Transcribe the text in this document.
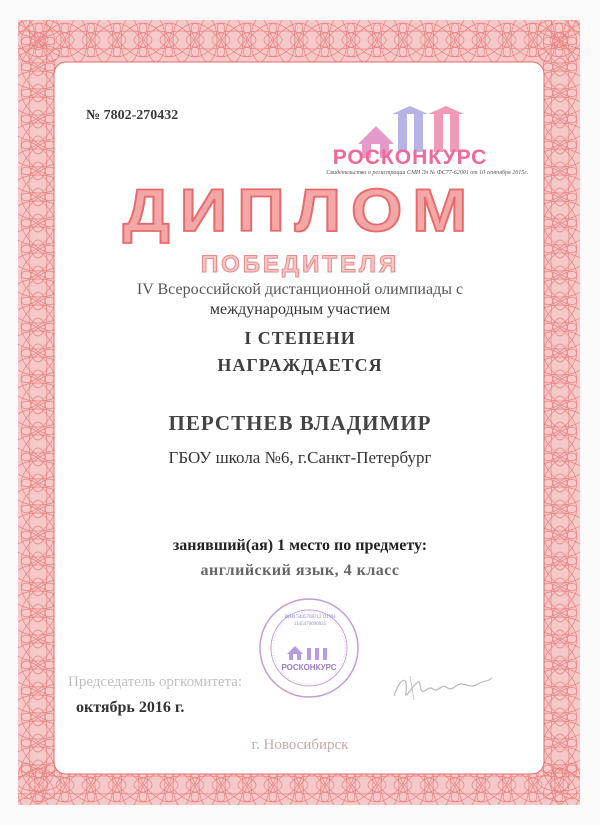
№ 7802-270432
РОСКОНКУРС
Свидетельство о регистрации СМИ Эл № ФС77-62001 от 10 сентября 2015г.
ДИПЛОМ
ПОБЕДИТЕЛЯ
IV Всероссийской дистанционной олимпиады с
международным участием
I СТЕПЕНИ
НАГРАЖДАЕТСЯ
ПЕРСТНЕВ ВЛАДИМИР
ГБОУ школа №6, г.Санкт-Петербург
занявший(ая) 1 место по предмету:
английский язык, 4 класс
ИНН 5405708712 ОГРН 1145476090925
РОСКОНКУРС
Председатель оргкомитета:
октябрь 2016 г.
г. Новосибирск
